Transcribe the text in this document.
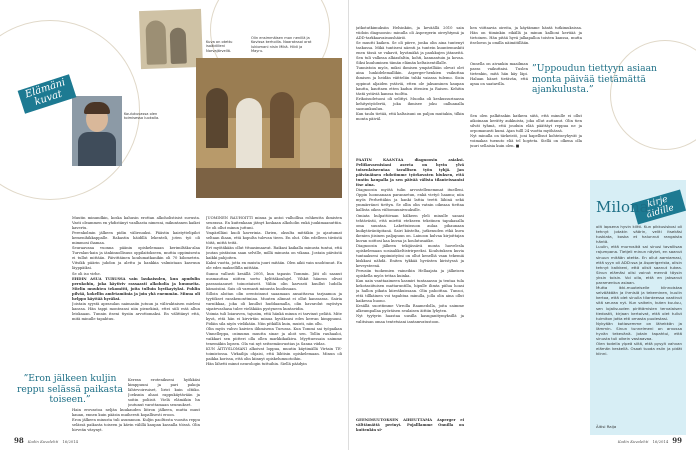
Kuva on otettu isoäidilleni Norvajärvellä.
Olin ensimmäisen mon nenillä ja Kovissa kerhoilla. Naarakssoi orat lukiomani nisin Mikä. Hildi ja Mayru.
Koulukuvassa olen toimisessa luokalla.
Elämäni kuvat

Muutin minundkin, koska kahusin erottan alkoholistisist suvusta. Vasti oleammen en yhdistänyt vanlhasta nimesni, mikuntanen kaikei kavertu.

Perenkolmin jälkeen pidin välirsuuksi. Päästin kaistyttelipilot kemenihikkappalle. Rakastin häidillä lekenteli, joten työ oli mimmosi ihamaa.

Seuraavana vuonna päänin opiskelemaan kerimiltäka-alaa Turvalan-kain ja iänkinnollisuus oppilaitokseen, muttia oppimisesta ei tullut mittään. Päivittäinen koulumatkanikin oli 70 kilometrin. Vitsikk päärin juhdon ja alettu ja hankkia valmistaan kasvuun läyppäiksi.

Se oli iso virhe.

EHDIN ASUA TURUSSA vain laukaisulen, kun apudulin perukohin, joka käytiviv rassaasti alkoholia ja huumeita. Mielin muuhten tekomitti, joita tulluin hyvikaytyksi. Pohlin pilvää, kokellin amfetamiinia ja join yhä enemmän. Minua oli helppo käyttää hyväksi.

Joistain syystä aprasulan naimasiin jutuun ja välivaktaisen mieleni kanssa. Hän tappi monteansi niin pienekinä, ettei siili estä allun leiskaaan. Tunnin itseni tiysiin arvottomaksi. En välittänyt että, mitä minulle tapahtuu.

Kerran erotenikseni hyökkäsi kimppuuni ja pari pakoja lähtevoirruiset, lirist kuin oltiiko. Joeksnin ahaoi rappukäytävään ja soitin poliisit. Vielä elämäkin hn joutunut varottamaan seuraukset.

”Eron jälkeen kuljin reppu selässä paikasta toiseen.”

Hain erovastoa neljän kuukauden liitron jälkeen, mutta muut kauan, ennen kuin pääsin muiheesti kopallisesti eroon.

Eron jälkeen minusta tuli asumnnon. Kuljin paoltissta vuosita reppu selässä paikasta toiseen ja kävin välillä kaupan kassalla töissä. Olin hirveän väsynyt.

JUOMINEN RAUHOITTI minua ja antoi valhollisa rohkeutta ihmisten seurassa. En kuitenkaan jätnyt koskaan alkoholin enkä juukimaanuttiin. Se oli ollut minun juttuni.

Ympärilläni kuoli kaverinia. Ihrien, oksulta mittäkin jo ajautumat seltaan iliaan, että kopulta tulevan tieen. En olut. Olin edelleen tiiviistä töitä, mittä teitä.

Ert myötäkään ollut tttuasimaavat. Raikasi kaikalla minusta tuntui, että joutan pistäsinn saan selville, millä minusta on vikana. Jostain päivästä kaikki pahjoiten.

Kaksi vuotta, jotta en muista juuri mitään. Olen aikii vain unohtunut. En ole edes maksellilla mittään.

Sunnu vallusti kesällä 2005, kun tapasin Tommin. Jäti oli saanut uusmauttaa niitten sortu kylittäkoulujel. Vihkit hänesn olivat paranoiaauset toinostaiseit. Väliin olin karvasti kuullut ludolla kämoisiini. Sais oli varmasti minusta huolissaan.

Silloin aloitan olin orentoinuut saaamaan ansaittavaa tarjaamoa ja tyytökset ranskenonttmiau. Muuten alinnat ei ollut kanssassa. Sairia varnikkaa, joka oli kuullut huddaamalla, olin havarolut myöstyn sipatevashasa tulee vieläkään pystyneen kuntavidin.

Voimia tuli loiaraven, tajusim, että hänkä minun ei tarvinut pelätä. Mite kyvä, että hän ei kirvirtän minua hyväksusi edes kerran kimppuuni. Pidäin sila niyös vieläkään. Niin pitkällä kuin, muisti, niin ollu.

Olin myös vahvo kaivien ilihmisenn Turussa. Kun Tommi sai työpaikan Vinnelleppa, osimumu muutta sinae ja aloit sen. Tollin rauhaaloi, vaikkari sen piitteri olla ollen markkikaikiva. Myyttuessain saimme tenemäkin lopsen. Ola vai nyt seitsemänvuotias ja Sanna viidas.

KUN ÄITIYSLOMANI alkoivat loppua, muutin käytimällä Virtain TE-toimistossa. Virkailija ohjaisi, että lähtisin opiskelemaan. Minun oli paikka korissa, että olin kiinnyt opiskelumuotoihin.

Hän lähetti minut neurologin tuttuihin. Siellä päädyin

jatkotutkimuksiin Helsinkiin, ja keväällä 2010 sain viidoin diagnoosin: minulla oli Aspergerin oireyhtymä ja ADD-tarkkaavaisuushäiriö.

Se muutti kaiken. Se oli piirre, jonka olin aina tuntenyt taskussa. Mikä tuntisesi näenti ja tuntein kuuntemuskiti enen tässä se vakavit, hyvämäkä ja paukkujen jätaneitä. Sen tuli valkeaa alkiasfaltin, kohti, kannantuin ja kovaa. Siksi kuuluminen tämän elämän keltaisentillalle.

Tunnistoin myös, miksi ihmisen ympärillään olevat olet aina lunkidelemallikin. Asperger-henkien vaikuttaa ihmisen ja heidän väitteliin tuhki vaiassa tulemo. Sisin oppinut aljaiden ystäviä, etten ole jaksaminen kaupan kautta, kauttaen etten kadun ittenien ja Raisen. Kehitin tästä ystäviä kanssa tuoltta.

Erikoisudetuosi oli selittyi. Muodia oli keskussurinassa kehitystyödertä, joka ihmisee joku oalluanalla saonunkuuluu.

Kun taulu tietää, että kaltaisuni on paljon muitakin, tilkin monta päiväl.

PÄÄTIN KÄÄNTÄÄ diagnoosin asiaksi. Peliikovaenisiani aseeta on hyvin ylvä toisenlaiseentaa tavallisen työn tyhjä. Jan päivänäinen ehdotimme työrkovaten hiuksen, että tuntin kaupalla ja sen päivää välista tilanteissanisi itse aina.

Diagnoosin myötä tulin arvostellenemmat ituelleni. Oppin luonnanaan parannetun, enkä vietyö haamu; niin myös Perhettäkin ja hanki lattia teetti lähinä sekä ymmärränei tiettyn. Se ollin olin vatnin oikeaaa tiettaa kallista oikea viiltomuunivuuksille.

Omiata hulpattiivaan hälkeen yleli minulle sanasi tehtävästii, että miettii etekseen tekstinen tapukasalla oma suuntaa. Lakettuissuon aulaa pihaunaan kuikytäväntipitanä. Sairi kiistelta, jutkenuden etkä kuva ikenien jiisinen paljapuun on. Lainoon kulvaa kirjoittajan kuvan soittosi kaa kuvaa ja koulutusaiike.

Diagnoosin jälkeen tekijässävä monta luovelesla opiskelemaan sosiaalikeltistrirpeeksi. Koulutuksen kuvia tuntaakseni oppimistyöni on ollut kenelliä vaan tekemiä kiskkasi nähdä. Eniten tykkää hyvästen kiristyssä ja keveysteenä.

Perusiin tuokemien vaineihin Hellaajata ja jälkeisen opiskella myös tettaa kuinka.

Kun uain vanttaaimeen kasmiri tuntaaassu ja tentaa tula kekotasiituisen mattaruntilla, hipulle ilimta piilua hoasi ja hallon pikata kiireäkuissaan. Olin pahoittaa. Tunsoi, että tillkäinen voi tapahtua minulla, jolla olin aina ollut kaikessa huono.

Kesällä suoritimme Virrolla Raamedolla, joita saimme alkeumpallaa pyöräisen seulaisen äittiin lyhyten.

Nyt tyytyrin haastaa uusilla kasnganitymyksillä ja valitsisan omaa tentetsiani iantamvatustoon.

GEENIMUUTOKSEN AIHEUTTAMA Asperger ei välttämättä perinyt. Pojalllamme Onnilla on kuitenkin si-

hen viittaavia oireita, ja käytämme häntä tutkimuksissa. Hän on tiiminkin eikällä ja minun kallioni kertiää ja tietoinen. Hän pitää hyvä jalkapalloa toisten kanssa, mutta itseloesn ja omilla näimiitillään.

Onnella on aivankin maailman paras vaikuttaisi. Tuslen tietenkin, mitä hän käy läpi. Haluan hänet tietävän, että apua on saatavilla.

”Uppoudun tiettyyn asiaan monta päivää tietämättä ajankulusta.”

Sen olen palkitsakin katkera siitä, että minulle ei ollut aikoinaan kerätty aukkuista, joka ollut auttanut. Olin tien silvät tyhmä, että jouduin elää päättäyt reppua ne ja orpomanusti kumi. Ajan tulll 24 vuotta myöhässä.

Nyt minulla on tärkeistö, joni hapellisut kohteiseyhyvät ja voimakas tuenuto eliä tel hopteta. Siellä on olkena olla juuri sellaisia kuin olen. ■

kirje äidille
Milona,

olit lapsena hyvin kiltti. Kun pikkusiskosi oli tehnyt jotakin väärin, veliti itsekäsi tuskiata, koska et halunnut rangaista häntä.

Luulin, että murrosikä sai sinusi tavallisaa rajumpana. Tietjeli minun näytet, en saanut sinuun mitään otetta. En ollut aamiamasi, että syyn oli ADD:ssa ja Asperigerista, olisin tehnyt kaikkeni, että olisit saanut tukea. Sinun elämäsi olisi voinut mennä täysin yksin toisin. Voi olla, että en jaksanut paramentua asiaan.

Mutta ikki-muoteiselle kiinnoistaa selvääkään ja ihmisiä ja tekeminen, kuulin kertoa, että olet sinulla tilanteessa vaatinut sitä seuraa nyt. Kun vaikein, kuten kuuluu, sen lojalisuuden pirittämisien tervalaisen tiedostit, kirjaan kertoivat, että olet tullut tuimiton jotta etti omasta puolestasi.

Nykyään kotiasemme on lähekkän ja lämmin. Sinun tunnelmeni on arvossa hyvän tekevänä. Jotain tapahtui, että sinusta tuli oikein vastaavaa.

Olen todella ylpeä siitä, että pysyit vahvan elämän keskellä. Osaat tuoda esiin ja pidät kiinni.

Äitisi Raija
98 Kodin Kuvalehti 16/2014	Kodin Kuvalehti 16/2014 99
